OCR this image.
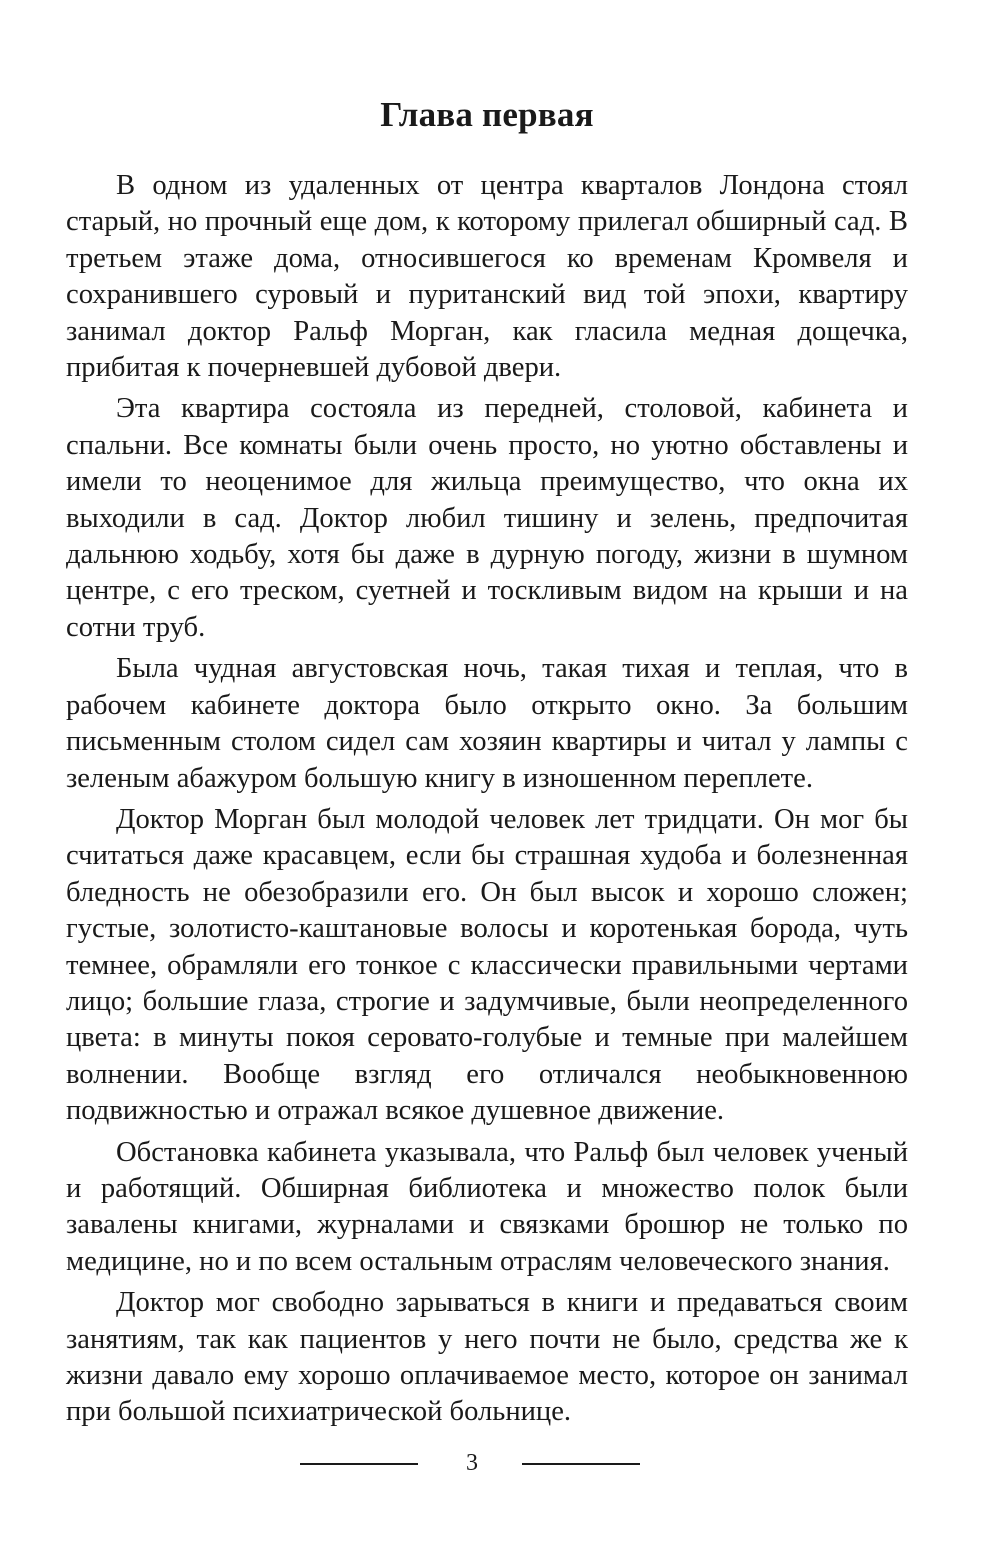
Глава первая

В одном из удаленных от центра кварталов Лондона стоял старый, но прочный еще дом, к которому прилегал обширный сад. В третьем этаже дома, относившегося ко временам Кромвеля и сохранившего суровый и пуританский вид той эпохи, квартиру занимал доктор Ральф Морган, как гласила медная дощечка, прибитая к почерневшей дубовой двери.

Эта квартира состояла из передней, столовой, кабинета и спальни. Все комнаты были очень просто, но уютно обставлены и имели то неоценимое для жильца преимущество, что окна их выходили в сад. Доктор любил тишину и зелень, предпочитая дальнюю ходьбу, хотя бы даже в дурную погоду, жизни в шумном центре, с его треском, суетней и тоскливым видом на крыши и на сотни труб.

Была чудная августовская ночь, такая тихая и теплая, что в рабочем кабинете доктора было открыто окно. За большим письменным столом сидел сам хозяин квартиры и читал у лампы с зеленым абажуром большую книгу в изношенном переплете.

Доктор Морган был молодой человек лет тридцати. Он мог бы считаться даже красавцем, если бы страшная худоба и болезненная бледность не обезобразили его. Он был высок и хорошо сложен; густые, золотисто-каштановые волосы и коротенькая борода, чуть темнее, обрамляли его тонкое с классически правильными чертами лицо; большие глаза, строгие и задумчивые, были неопределенного цвета: в минуты покоя серовато-голубые и темные при малейшем волнении. Вообще взгляд его отличался необыкновенною подвижностью и отражал всякое душевное движение.

Обстановка кабинета указывала, что Ральф был человек ученый и работящий. Обширная библиотека и множество полок были завалены книгами, журналами и связками брошюр не только по медицине, но и по всем остальным отраслям человеческого знания.

Доктор мог свободно зарываться в книги и предаваться своим занятиям, так как пациентов у него почти не было, средства же к жизни давало ему хорошо оплачиваемое место, которое он занимал при большой психиатрической больнице.

3
